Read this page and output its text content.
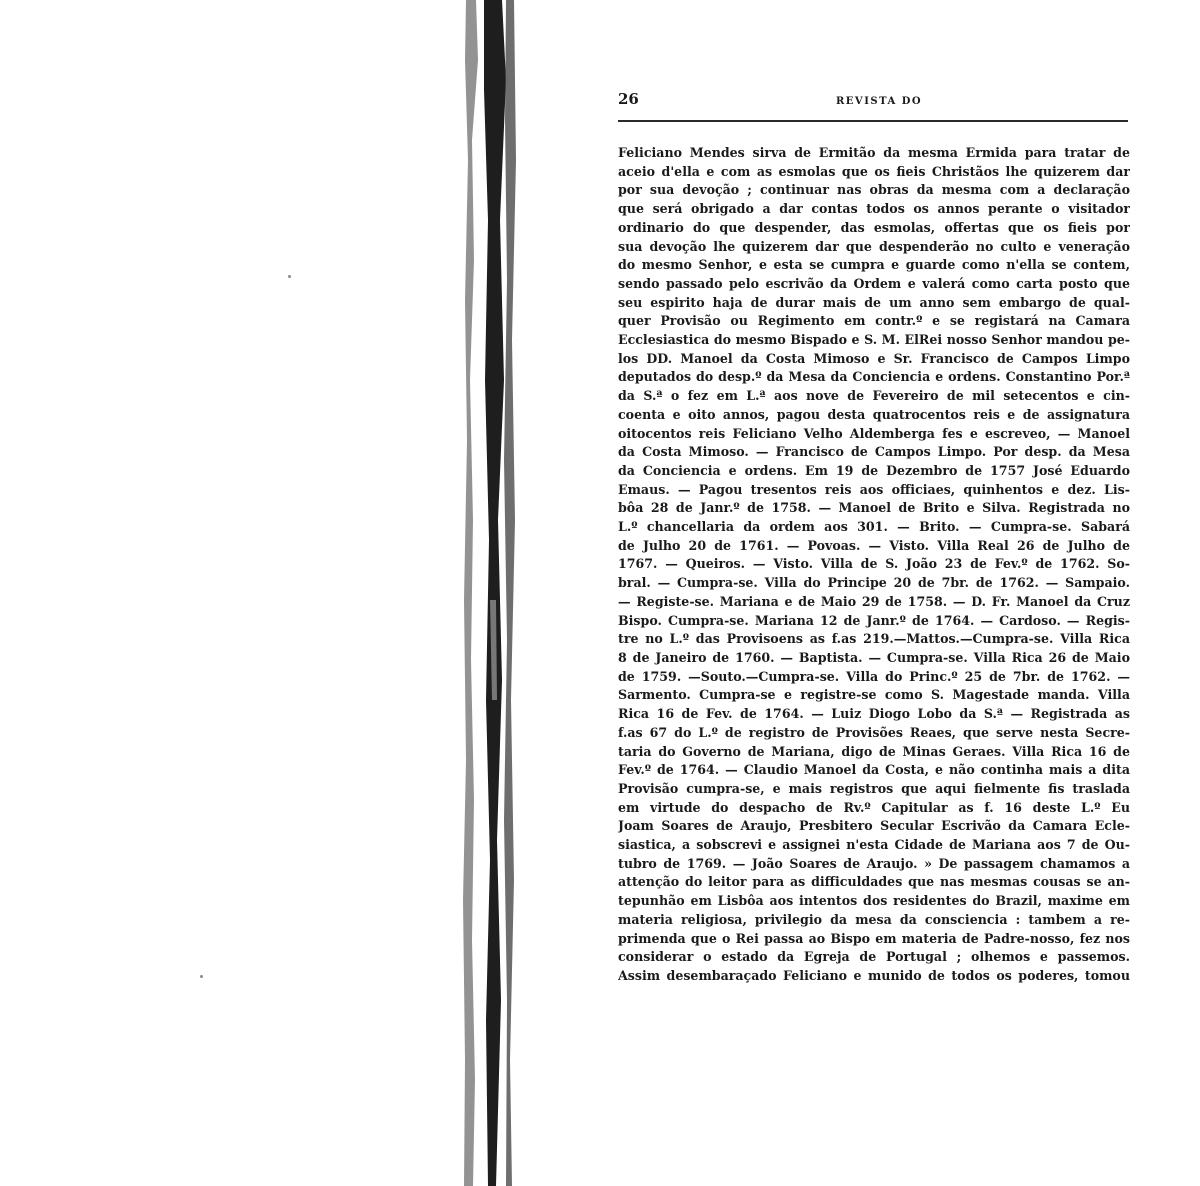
26	REVISTA DO
Feliciano Mendes sirva de Ermitão da mesma Ermida para tratar de
aceio d'ella e com as esmolas que os fieis Christãos lhe quizerem dar
por sua devoção ; continuar nas obras da mesma com a declaração
que será obrigado a dar contas todos os annos perante o visitador
ordinario do que despender, das esmolas, offertas que os fieis por
sua devoção lhe quizerem dar que despenderão no culto e veneração
do mesmo Senhor, e esta se cumpra e guarde como n'ella se contem,
sendo passado pelo escrivão da Ordem e valerá como carta posto que
seu espirito haja de durar mais de um anno sem embargo de qual-
quer Provisão ou Regimento em contr.º e se registará na Camara
Ecclesiastica do mesmo Bispado e S. M. ElRei nosso Senhor mandou pe-
los DD. Manoel da Costa Mimoso e Sr. Francisco de Campos Limpo
deputados do desp.º da Mesa da Conciencia e ordens. Constantino Por.ª
da S.ª o fez em L.ª aos nove de Fevereiro de mil setecentos e cin-
coenta e oito annos, pagou desta quatrocentos reis e de assignatura
oitocentos reis Feliciano Velho Aldemberga fes e escreveo, — Manoel
da Costa Mimoso. — Francisco de Campos Limpo. Por desp. da Mesa
da Conciencia e ordens. Em 19 de Dezembro de 1757 José Eduardo
Emaus. — Pagou tresentos reis aos officiaes, quinhentos e dez. Lis-
bôa 28 de Janr.º de 1758. — Manoel de Brito e Silva. Registrada no
L.º chancellaria da ordem aos 301. — Brito. — Cumpra-se. Sabará
de Julho 20 de 1761. — Povoas. — Visto. Villa Real 26 de Julho de
1767. — Queiros. — Visto. Villa de S. João 23 de Fev.º de 1762. So-
bral. — Cumpra-se. Villa do Principe 20 de 7br. de 1762. — Sampaio.
— Registe-se. Mariana e de Maio 29 de 1758. — D. Fr. Manoel da Cruz
Bispo. Cumpra-se. Mariana 12 de Janr.º de 1764. — Cardoso. — Regis-
tre no L.º das Provisoens as f.as 219.—Mattos.—Cumpra-se. Villa Rica
8 de Janeiro de 1760. — Baptista. — Cumpra-se. Villa Rica 26 de Maio
de 1759. —Souto.—Cumpra-se. Villa do Princ.º 25 de 7br. de 1762. —
Sarmento. Cumpra-se e registre-se como S. Magestade manda. Villa
Rica 16 de Fev. de 1764. — Luiz Diogo Lobo da S.ª — Registrada as
f.as 67 do L.º de registro de Provisões Reaes, que serve nesta Secre-
taria do Governo de Mariana, digo de Minas Geraes. Villa Rica 16 de
Fev.º de 1764. — Claudio Manoel da Costa, e não continha mais a dita
Provisão cumpra-se, e mais registros que aqui fielmente fis traslada
em virtude do despacho de Rv.º Capitular as f. 16 deste L.º Eu
Joam Soares de Araujo, Presbitero Secular Escrivão da Camara Ecle-
siastica, a sobscrevi e assignei n'esta Cidade de Mariana aos 7 de Ou-
tubro de 1769. — João Soares de Araujo. » De passagem chamamos a
attenção do leitor para as difficuldades que nas mesmas cousas se an-
tepunhão em Lisbôa aos intentos dos residentes do Brazil, maxime em
materia religiosa, privilegio da mesa da consciencia : tambem a re-
primenda que o Rei passa ao Bispo em materia de Padre-nosso, fez nos
considerar o estado da Egreja de Portugal ; olhemos e passemos.
Assim desembaraçado Feliciano e munido de todos os poderes, tomou
